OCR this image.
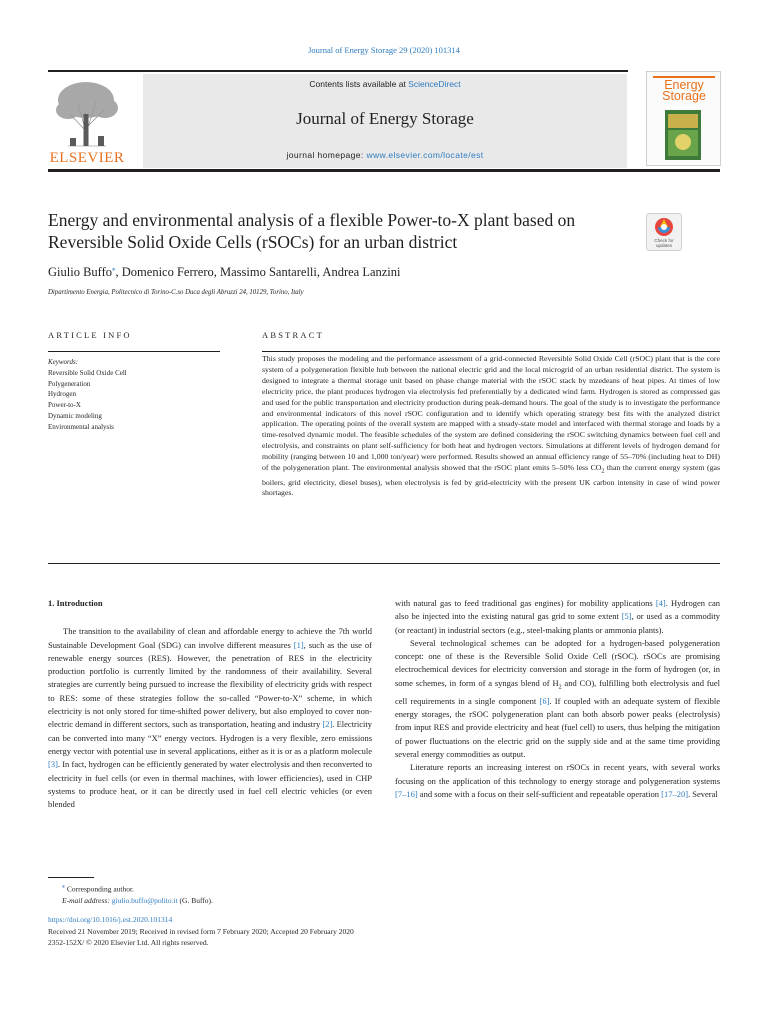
Journal of Energy Storage 29 (2020) 101314
ELSEVIER
Contents lists available at ScienceDirect
Journal of Energy Storage
journal homepage: www.elsevier.com/locate/est
Energy
Storage
Energy and environmental analysis of a flexible Power-to-X plant based on Reversible Solid Oxide Cells (rSOCs) for an urban district	Check for
updates
Giulio Buffo⁎, Domenico Ferrero, Massimo Santarelli, Andrea Lanzini
Dipartimento Energia, Politecnico di Torino-C.so Duca degli Abruzzi 24, 10129, Torino, Italy
ARTICLE INFO	ABSTRACT
Keywords:
Reversible Solid Oxide Cell
Polygeneration
Hydrogen
Power-to-X
Dynamic modeling
Environmental analysis
This study proposes the modeling and the performance assessment of a grid-connected Reversible Solid Oxide Cell (rSOC) plant that is the core system of a polygeneration flexible hub between the national electric grid and the local microgrid of an urban residential district. The system is designed to integrate a thermal storage unit based on phase change material with the rSOC stack by mzedeans of heat pipes. At times of low electricity price, the plant produces hydrogen via electrolysis fed preferentially by a dedicated wind farm. Hydrogen is stored as compressed gas and used for the public transportation and electricity production during peak-demand hours. The goal of the study is to investigate the performance and environmental indicators of this novel rSOC configuration and to identify which operating strategy best fits with the analyzed district application. The operating points of the overall system are mapped with a steady-state model and interfaced with thermal storage and loads by a time-resolved dynamic model. The feasible schedules of the system are defined considering the rSOC switching dynamics between fuel cell and electrolysis, and constraints on plant self-sufficiency for both heat and hydrogen vectors. Simulations at different levels of hydrogen demand for mobility (ranging between 10 and 1,000 ton/year) were performed. Results showed an annual efficiency range of 55–70% (including heat to DH) of the polygeneration plant. The environmental analysis showed that the rSOC plant emits 5–50% less $CO_2$ than the current energy system (gas boilers, grid electricity, diesel buses), when electrolysis is fed by grid-electricity with the present UK carbon intensity in case of wind power shortages.
1. Introduction

The transition to the availability of clean and affordable energy to achieve the 7th world Sustainable Development Goal (SDG) can involve different measures [1], such as the use of renewable energy sources (RES). However, the penetration of RES in the electricity production portfolio is currently limited by the randomness of their availability. Several strategies are currently being pursued to increase the flexibility of electricity grids with respect to RES: some of these strategies follow the so-called “Power-to-X” scheme, in which electricity is not only stored for time-shifted power delivery, but also employed to cover non-electric demand in different sectors, such as transportation, heating and industry [2]. Electricity can be converted into many “X” energy vectors. Hydrogen is a very flexible, zero emissions energy vector with potential use in several applications, either as it is or as a platform molecule [3]. In fact, hydrogen can be efficiently generated by water electrolysis and then reconverted to electricity in fuel cells (or even in thermal machines, with lower efficiencies), used in CHP systems to produce heat, or it can be directly used in fuel cell electric vehicles (or even blended

with natural gas to feed traditional gas engines) for mobility applications [4]. Hydrogen can also be injected into the existing natural gas grid to some extent [5], or used as a commodity (or reactant) in industrial sectors (e.g., steel-making plants or ammonia plants).

Several technological schemes can be adopted for a hydrogen-based polygeneration concept: one of these is the Reversible Solid Oxide Cell (rSOC). rSOCs are promising electrochemical devices for electricity conversion and storage in the form of hydrogen (or, in some schemes, in form of a syngas blend of $H_2$ and CO), fulfilling both electrolysis and fuel cell requirements in a single component [6]. If coupled with an adequate system of flexible energy storages, the rSOC polygeneration plant can both absorb power peaks (electrolysis) from input RES and provide electricity and heat (fuel cell) to users, thus helping the mitigation of power fluctuations on the electric grid on the supply side and at the same time providing several energy commodities as output.

Literature reports an increasing interest on rSOCs in recent years, with several works focusing on the application of this technology to energy storage and polygeneration systems [7–16] and some with a focus on their self-sufficient and repeatable operation [17–20]. Several

⁎ Corresponding author.
E-mail address: giulio.buffo@polito.it (G. Buffo).
https://doi.org/10.1016/j.est.2020.101314
Received 21 November 2019; Received in revised form 7 February 2020; Accepted 20 February 2020
2352-152X/ © 2020 Elsevier Ltd. All rights reserved.
